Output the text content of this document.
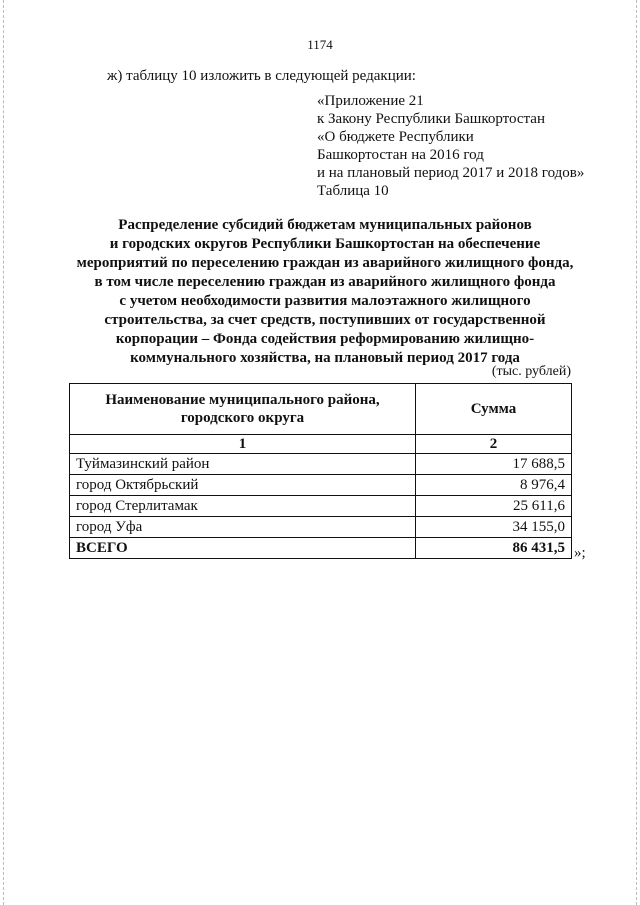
1174
ж) таблицу 10 изложить в следующей редакции:
«Приложение 21
к Закону Республики Башкортостан
«О бюджете Республики
Башкортостан на 2016 год
и на плановый период 2017 и 2018 годов»
Таблица 10
Распределение субсидий бюджетам муниципальных районов
и городских округов Республики Башкортостан на обеспечение
мероприятий по переселению граждан из аварийного жилищного фонда,
в том числе переселению граждан из аварийного жилищного фонда
с учетом необходимости развития малоэтажного жилищного
строительства, за счет средств, поступивших от государственной
корпорации – Фонда содействия реформированию жилищно-
коммунального хозяйства, на плановый период 2017 года
(тыс. рублей)
Наименование муниципального района,
городского округа	Сумма
1	2
Туймазинский район	17 688,5
город Октябрьский	8 976,4
город Стерлитамак	25 611,6
город Уфа	34 155,0
ВСЕГО	86 431,5 »;
